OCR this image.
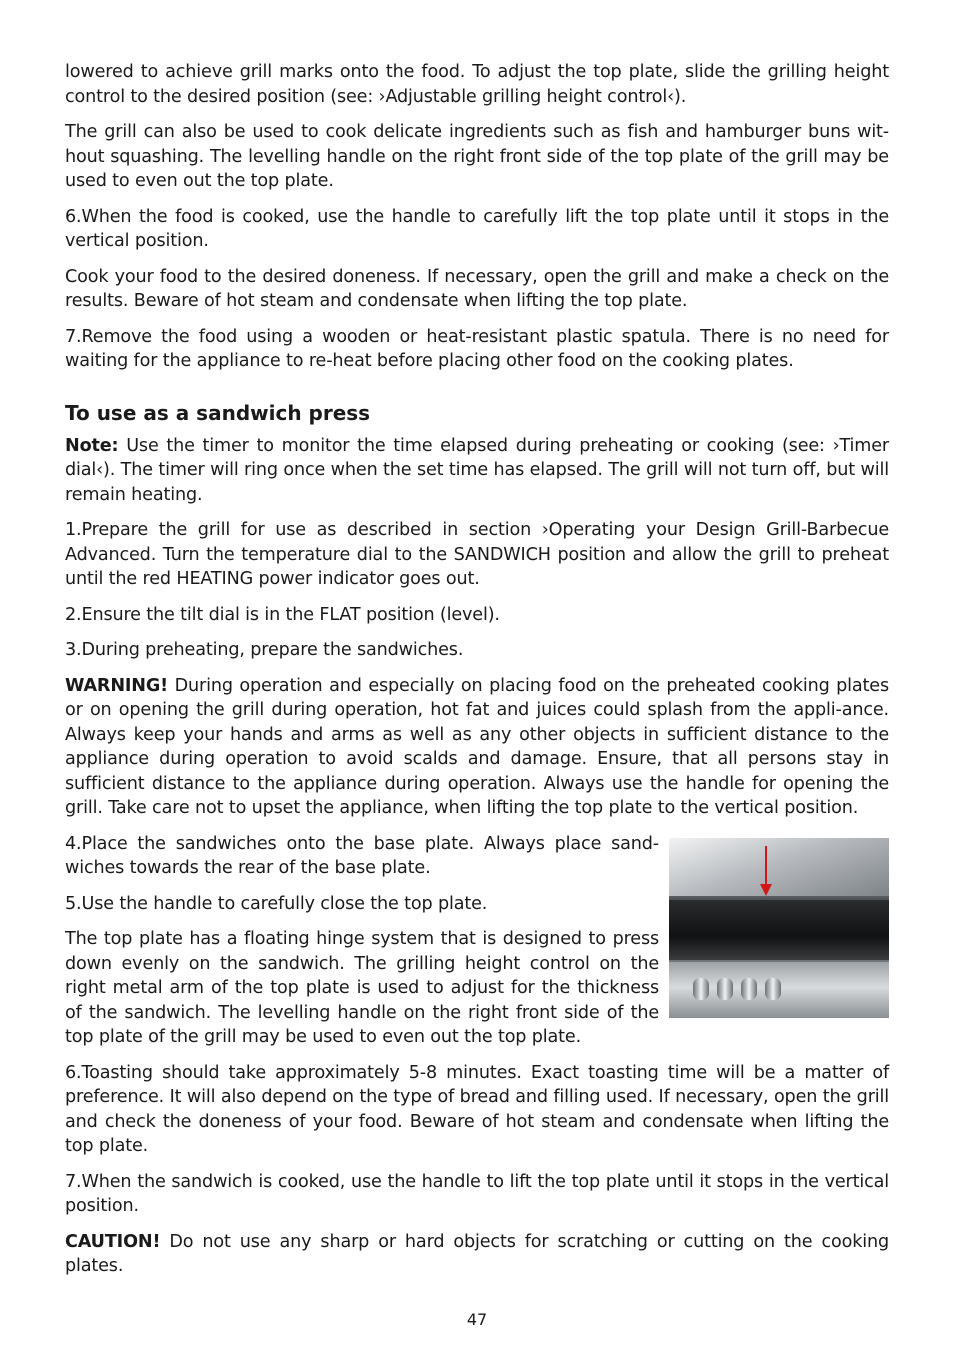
lowered to achieve grill marks onto the food. To adjust the top plate, slide the grilling height control to the desired position (see: ›Adjustable grilling height control‹).

The grill can also be used to cook delicate ingredients such as fish and hamburger buns wit-hout squashing. The levelling handle on the right front side of the top plate of the grill may be used to even out the top plate.

6.When the food is cooked, use the handle to carefully lift the top plate until it stops in the vertical position.

Cook your food to the desired doneness. If necessary, open the grill and make a check on the results. Beware of hot steam and condensate when lifting the top plate.

7.Remove the food using a wooden or heat-resistant plastic spatula. There is no need for waiting for the appliance to re-heat before placing other food on the cooking plates.

To use as a sandwich press

Note: Use the timer to monitor the time elapsed during preheating or cooking (see: ›Timer dial‹). The timer will ring once when the set time has elapsed. The grill will not turn off, but will remain heating.

1.Prepare the grill for use as described in section ›Operating your Design Grill-Barbecue Advanced. Turn the temperature dial to the SANDWICH position and allow the grill to preheat until the red HEATING power indicator goes out.

2.Ensure the tilt dial is in the FLAT position (level).

3.During preheating, prepare the sandwiches.

WARNING! During operation and especially on placing food on the preheated cooking plates or on opening the grill during operation, hot fat and juices could splash from the appli-ance. Always keep your hands and arms as well as any other objects in sufficient distance to the appliance during operation to avoid scalds and damage. Ensure, that all persons stay in sufficient distance to the appliance during operation. Always use the handle for opening the grill. Take care not to upset the appliance, when lifting the top plate to the vertical position.

4.Place the sandwiches onto the base plate. Always place sand-wiches towards the rear of the base plate.

5.Use the handle to carefully close the top plate.

The top plate has a floating hinge system that is designed to press down evenly on the sandwich. The grilling height control on the right metal arm of the top plate is used to adjust for the thickness of the sandwich. The levelling handle on the right front side of the top plate of the grill may be used to even out the top plate.

6.Toasting should take approximately 5-8 minutes. Exact toasting time will be a matter of preference. It will also depend on the type of bread and filling used. If necessary, open the grill and check the doneness of your food. Beware of hot steam and condensate when lifting the top plate.

7.When the sandwich is cooked, use the handle to lift the top plate until it stops in the vertical position.

CAUTION! Do not use any sharp or hard objects for scratching or cutting on the cooking plates.

47
